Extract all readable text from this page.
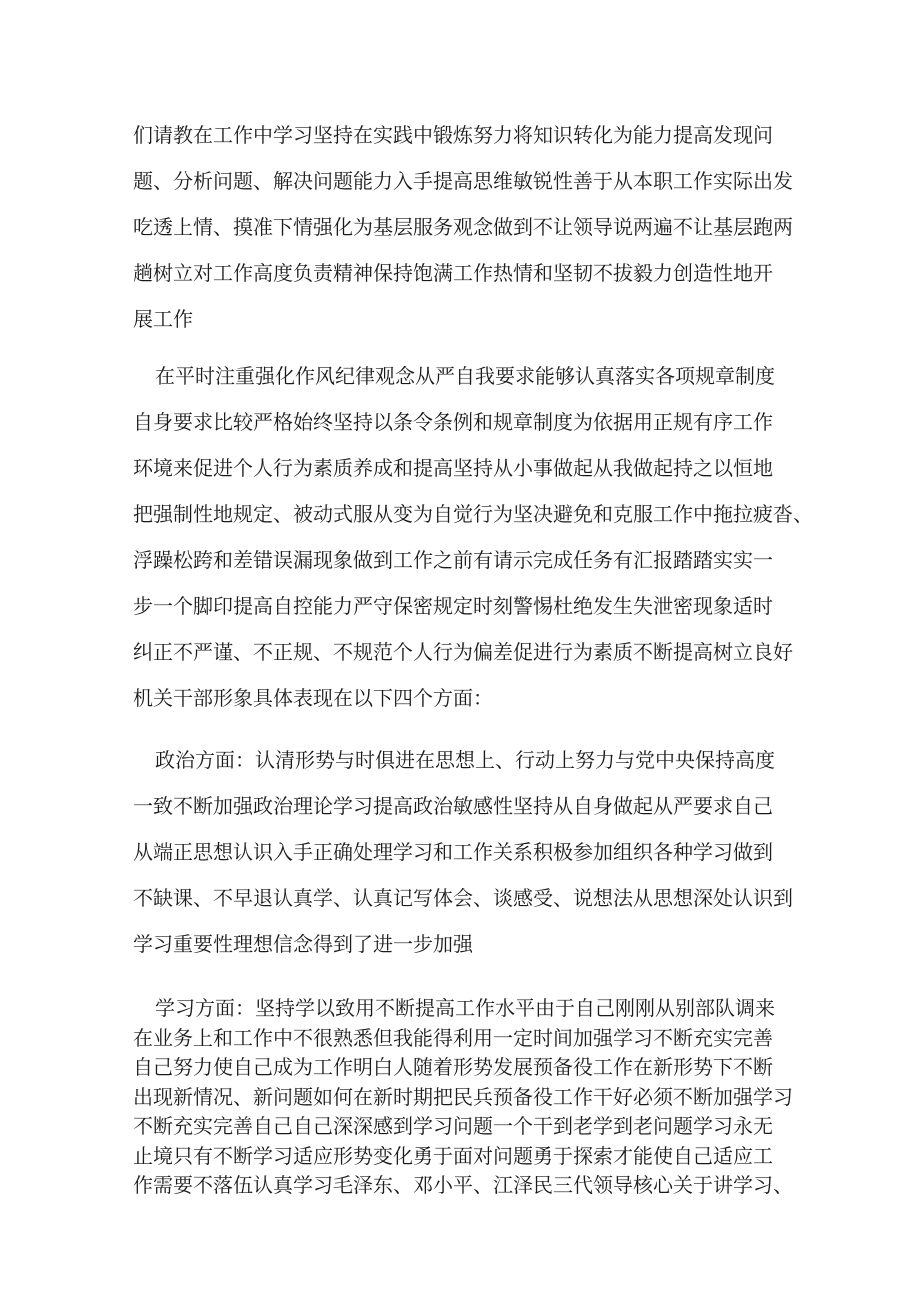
们请教在工作中学习坚持在实践中锻炼努力将知识转化为能力提高发现问
题、分析问题、解决问题能力入手提高思维敏锐性善于从本职工作实际出发
吃透上情、摸准下情强化为基层服务观念做到不让领导说两遍不让基层跑两
趟树立对工作高度负责精神保持饱满工作热情和坚韧不拔毅力创造性地开
展工作
在平时注重强化作风纪律观念从严自我要求能够认真落实各项规章制度
自身要求比较严格始终坚持以条令条例和规章制度为依据用正规有序工作
环境来促进个人行为素质养成和提高坚持从小事做起从我做起持之以恒地
把强制性地规定、被动式服从变为自觉行为坚决避免和克服工作中拖拉疲沓、
浮躁松跨和差错误漏现象做到工作之前有请示完成任务有汇报踏踏实实一
步一个脚印提高自控能力严守保密规定时刻警惕杜绝发生失泄密现象适时
纠正不严谨、不正规、不规范个人行为偏差促进行为素质不断提高树立良好
机关干部形象具体表现在以下四个方面：
政治方面：认清形势与时俱进在思想上、行动上努力与党中央保持高度
一致不断加强政治理论学习提高政治敏感性坚持从自身做起从严要求自己
从端正思想认识入手正确处理学习和工作关系积极参加组织各种学习做到
不缺课、不早退认真学、认真记写体会、谈感受、说想法从思想深处认识到
学习重要性理想信念得到了进一步加强
学习方面：坚持学以致用不断提高工作水平由于自己刚刚从别部队调来
在业务上和工作中不很熟悉但我能得利用一定时间加强学习不断充实完善
自己努力使自己成为工作明白人随着形势发展预备役工作在新形势下不断
出现新情况、新问题如何在新时期把民兵预备役工作干好必须不断加强学习
不断充实完善自己自己深深感到学习问题一个干到老学到老问题学习永无
止境只有不断学习适应形势变化勇于面对问题勇于探索才能使自己适应工
作需要不落伍认真学习毛泽东、邓小平、江泽民三代领导核心关于讲学习、
